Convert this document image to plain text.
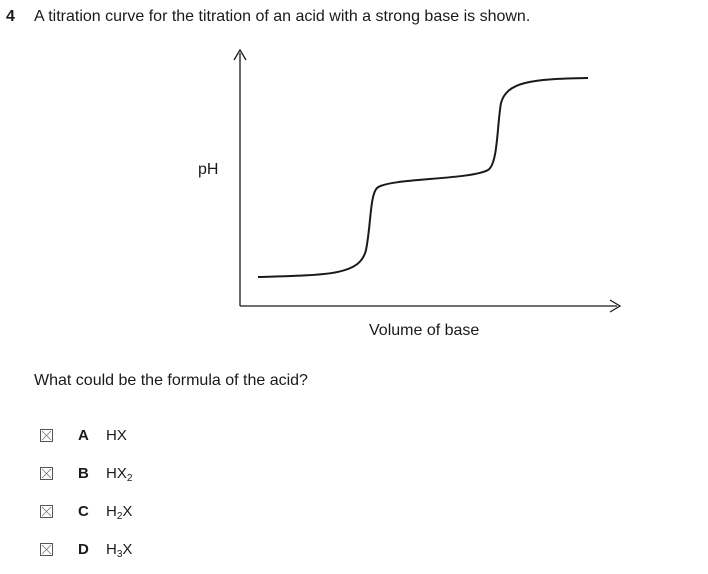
4 A titration curve for the titration of an acid with a strong base is shown.
pH
Volume of base
What could be the formula of the acid?
A	HX
B	$HX_2$
C	$H_2X$
D	$H_3X$
